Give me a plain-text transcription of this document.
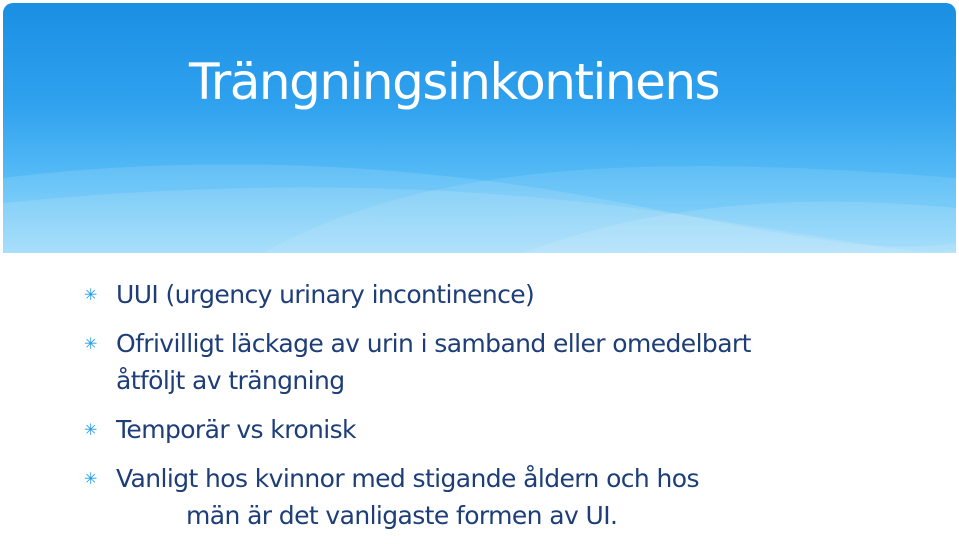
Trängningsinkontinens
✳ UUI (urgency urinary incontinence)
✳ Ofrivilligt läckage av urin i samband eller omedelbart
åtföljt av trängning
✳ Temporär vs kronisk
✳ Vanligt hos kvinnor med stigande åldern och hos
män är det vanligaste formen av UI.
